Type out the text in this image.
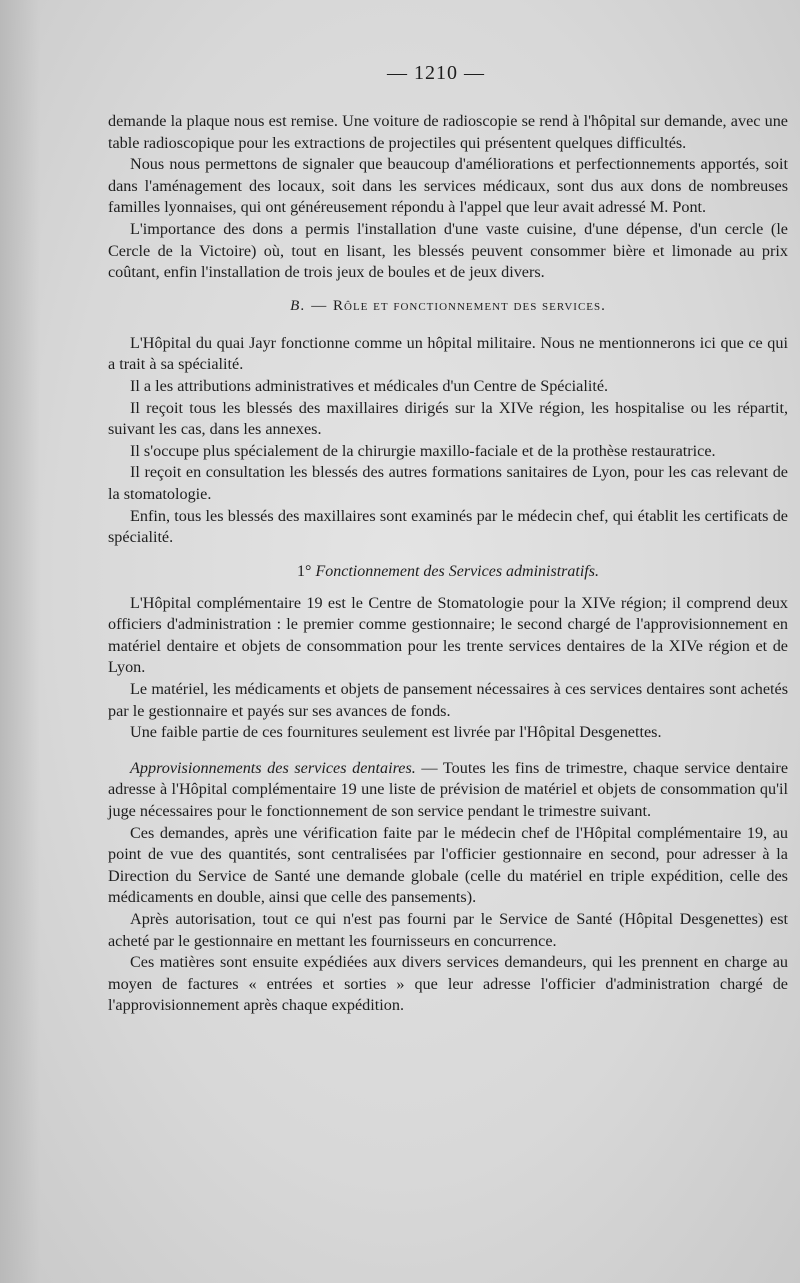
— 1210 —

demande la plaque nous est remise. Une voiture de radioscopie se rend à l'hôpital sur demande, avec une table radioscopique pour les extractions de projectiles qui présentent quelques difficultés.

Nous nous permettons de signaler que beaucoup d'améliorations et perfectionnements apportés, soit dans l'aménagement des locaux, soit dans les services médicaux, sont dus aux dons de nombreuses familles lyonnaises, qui ont généreusement répondu à l'appel que leur avait adressé M. Pont.

L'importance des dons a permis l'installation d'une vaste cuisine, d'une dépense, d'un cercle (le Cercle de la Victoire) où, tout en lisant, les blessés peuvent consommer bière et limonade au prix coûtant, enfin l'installation de trois jeux de boules et de jeux divers.

B. — Rôle et fonctionnement des services.

L'Hôpital du quai Jayr fonctionne comme un hôpital militaire. Nous ne mentionnerons ici que ce qui a trait à sa spécialité.

Il a les attributions administratives et médicales d'un Centre de Spécialité.

Il reçoit tous les blessés des maxillaires dirigés sur la XIVe région, les hospitalise ou les répartit, suivant les cas, dans les annexes.

Il s'occupe plus spécialement de la chirurgie maxillo-faciale et de la prothèse restauratrice.

Il reçoit en consultation les blessés des autres formations sanitaires de Lyon, pour les cas relevant de la stomatologie.

Enfin, tous les blessés des maxillaires sont examinés par le médecin chef, qui établit les certificats de spécialité.

1° Fonctionnement des Services administratifs.

L'Hôpital complémentaire 19 est le Centre de Stomatologie pour la XIVe région; il comprend deux officiers d'administration : le premier comme gestionnaire; le second chargé de l'approvisionnement en matériel dentaire et objets de consommation pour les trente services dentaires de la XIVe région et de Lyon.

Le matériel, les médicaments et objets de pansement nécessaires à ces services dentaires sont achetés par le gestionnaire et payés sur ses avances de fonds.

Une faible partie de ces fournitures seulement est livrée par l'Hôpital Desgenettes.

Approvisionnements des services dentaires. — Toutes les fins de trimestre, chaque service dentaire adresse à l'Hôpital complémentaire 19 une liste de prévision de matériel et objets de consommation qu'il juge nécessaires pour le fonctionnement de son service pendant le trimestre suivant.

Ces demandes, après une vérification faite par le médecin chef de l'Hôpital complémentaire 19, au point de vue des quantités, sont centralisées par l'officier gestionnaire en second, pour adresser à la Direction du Service de Santé une demande globale (celle du matériel en triple expédition, celle des médicaments en double, ainsi que celle des pansements).

Après autorisation, tout ce qui n'est pas fourni par le Service de Santé (Hôpital Desgenettes) est acheté par le gestionnaire en mettant les fournisseurs en concurrence.

Ces matières sont ensuite expédiées aux divers services demandeurs, qui les prennent en charge au moyen de factures « entrées et sorties » que leur adresse l'officier d'administration chargé de l'approvisionnement après chaque expédition.
